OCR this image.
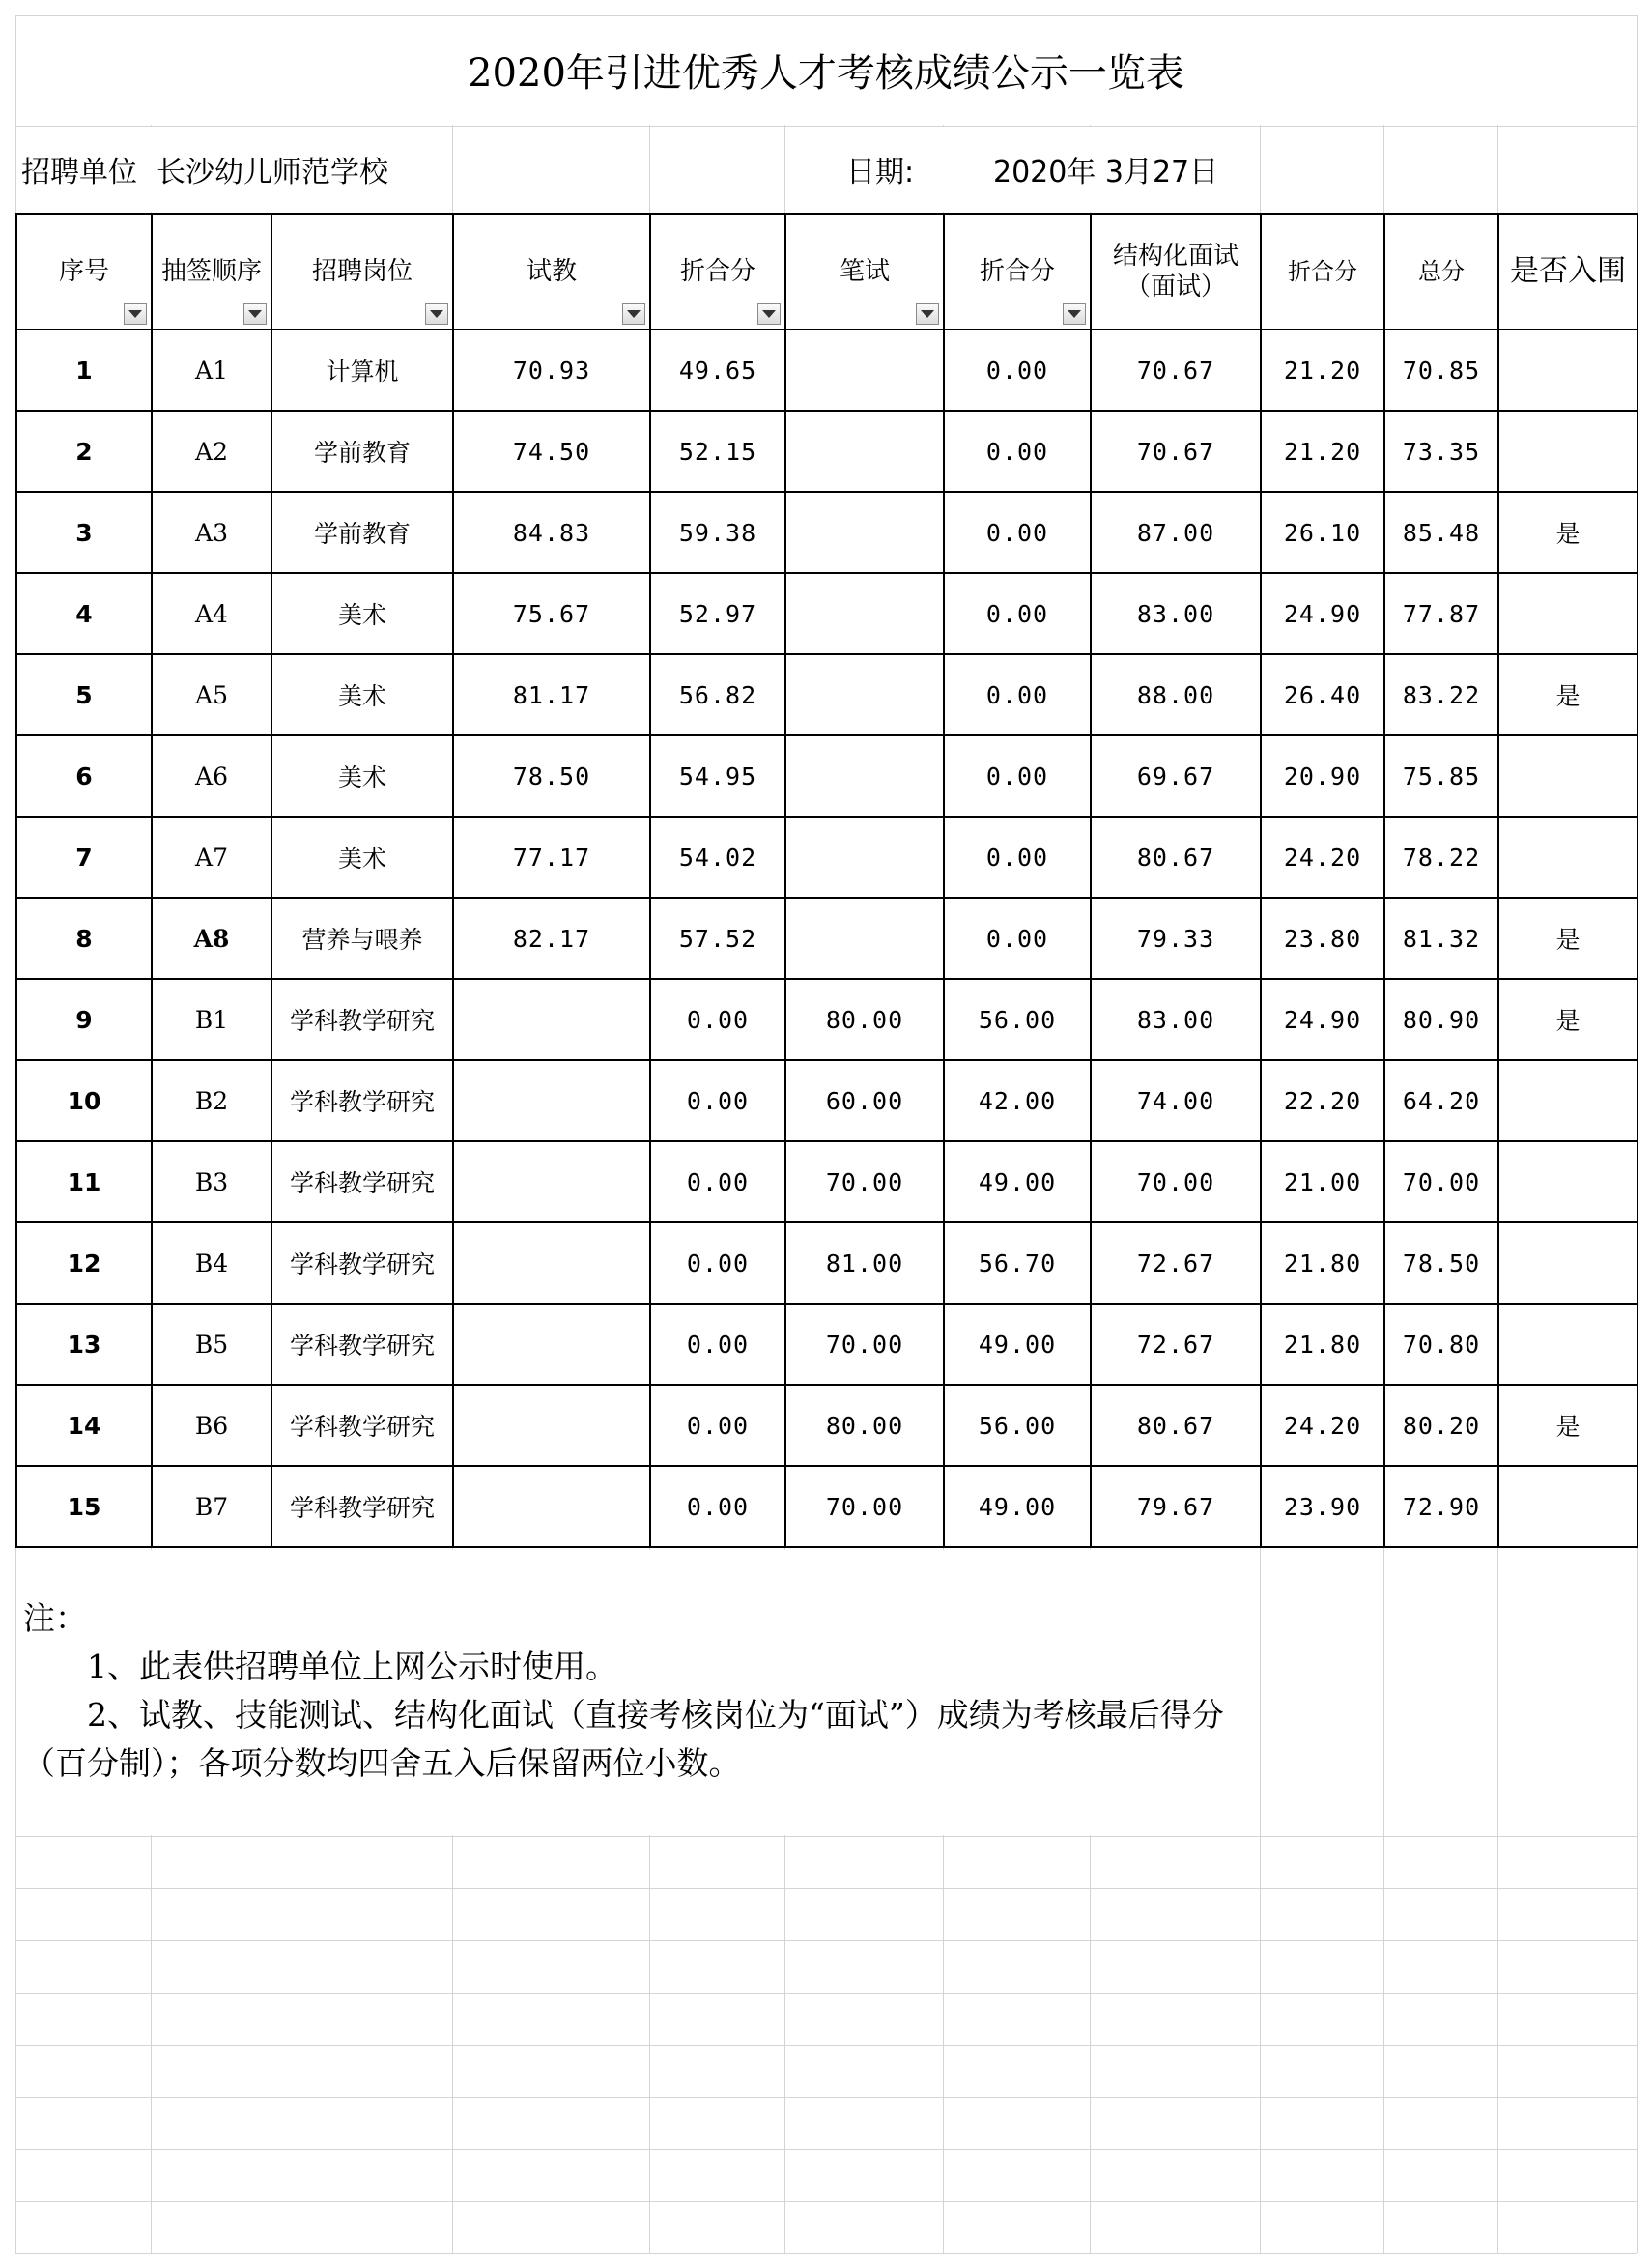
2020年引进优秀人才考核成绩公示一览表
招聘单位 长沙幼儿师范学校	日期:	2020年 3月27日
序号	抽签顺序	招聘岗位	试教	折合分	笔试	折合分	结构化面试
（面试）	折合分	总分	是否入围
1	A1	计算机	70.93	49.65		0.00	70.67	21.20	70.85	
2	A2	学前教育	74.50	52.15		0.00	70.67	21.20	73.35	
3	A3	学前教育	84.83	59.38		0.00	87.00	26.10	85.48	是
4	A4	美术	75.67	52.97		0.00	83.00	24.90	77.87	
5	A5	美术	81.17	56.82		0.00	88.00	26.40	83.22	是
6	A6	美术	78.50	54.95		0.00	69.67	20.90	75.85	
7	A7	美术	77.17	54.02		0.00	80.67	24.20	78.22	
8	A8	营养与喂养	82.17	57.52		0.00	79.33	23.80	81.32	是
9	B1	学科教学研究		0.00	80.00	56.00	83.00	24.90	80.90	是
10	B2	学科教学研究		0.00	60.00	42.00	74.00	22.20	64.20	
11	B3	学科教学研究		0.00	70.00	49.00	70.00	21.00	70.00	
12	B4	学科教学研究		0.00	81.00	56.70	72.67	21.80	78.50	
13	B5	学科教学研究		0.00	70.00	49.00	72.67	21.80	70.80	
14	B6	学科教学研究		0.00	80.00	56.00	80.67	24.20	80.20	是
15	B7	学科教学研究		0.00	70.00	49.00	79.67	23.90	72.90	

注：

1、此表供招聘单位上网公示时使用。

2、试教、技能测试、结构化面试（直接考核岗位为“面试”）成绩为考核最后得分（百分制）；各项分数均四舍五入后保留两位小数。
